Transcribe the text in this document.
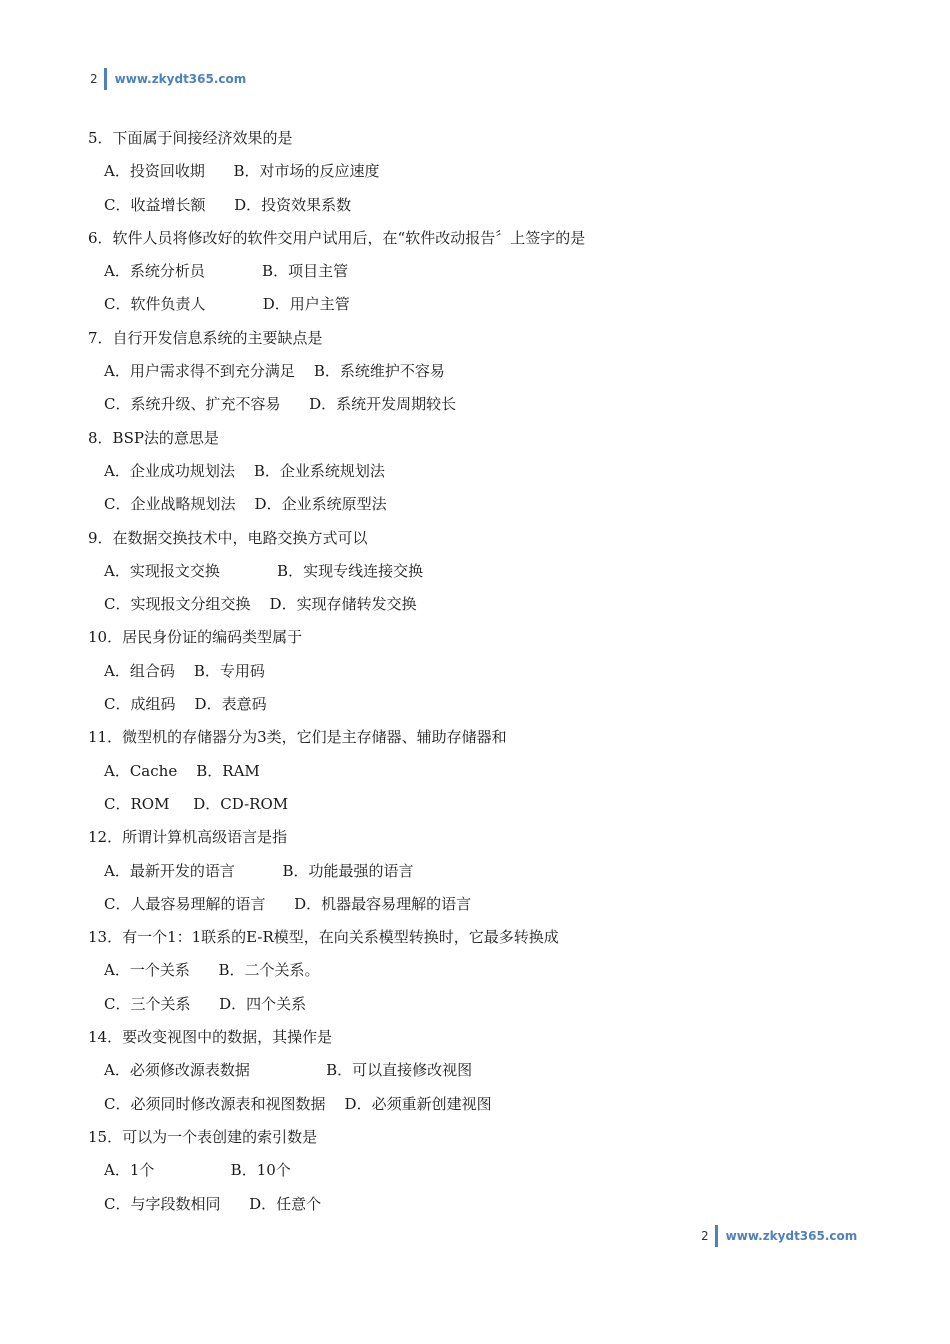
2 www.zkydt365.com
5．下面属于间接经济效果的是
A．投资回收期      B．对市场的反应速度
C．收益增长额      D．投资效果系数
6．软件人员将修改好的软件交用户试用后，在“软件改动报告〞上签字的是
A．系统分析员            B．项目主管
C．软件负责人            D．用户主管
7．自行开发信息系统的主要缺点是
A．用户需求得不到充分满足    B．系统维护不容易
C．系统升级、扩充不容易      D．系统开发周期较长
8．BSP法的意思是
A．企业成功规划法    B．企业系统规划法
C．企业战略规划法    D．企业系统原型法
9．在数据交换技术中，电路交换方式可以
A．实现报文交换            B．实现专线连接交换
C．实现报文分组交换    D．实现存储转发交换
10．居民身份证的编码类型属于
A．组合码    B．专用码
C．成组码    D．表意码
11．微型机的存储器分为3类，它们是主存储器、辅助存储器和
A．Cache    B．RAM
C．ROM     D．CD-ROM
12．所谓计算机高级语言是指
A．最新开发的语言          B．功能最强的语言
C．人最容易理解的语言      D．机器最容易理解的语言
13．有一个1：1联系的E-R模型，在向关系模型转换时，它最多转换成
A．一个关系      B．二个关系。
C．三个关系      D．四个关系
14．要改变视图中的数据，其操作是
A．必须修改源表数据                B．可以直接修改视图
C．必须同时修改源表和视图数据    D．必须重新创建视图
15．可以为一个表创建的索引数是
A．1个                B．10个
C．与字段数相同      D．任意个
2 www.zkydt365.com
